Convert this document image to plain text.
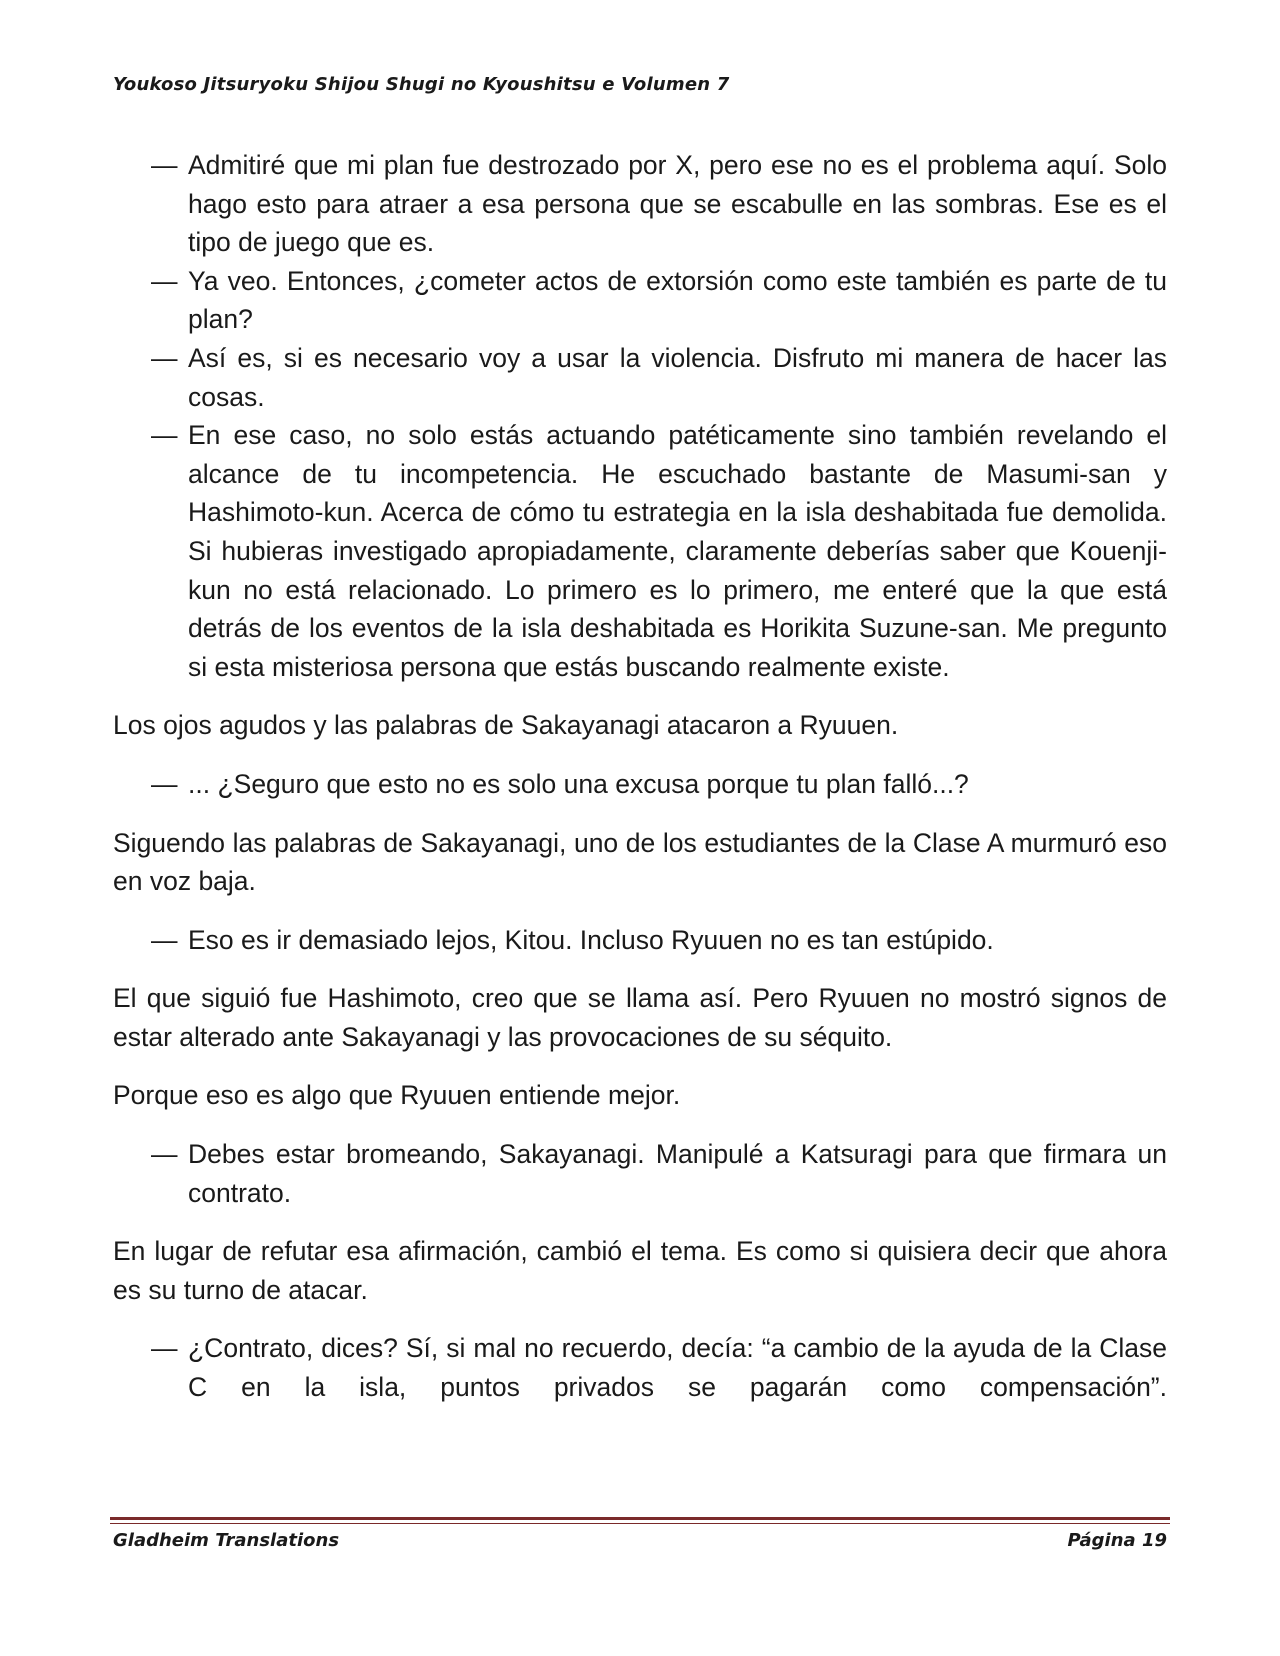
Youkoso Jitsuryoku Shijou Shugi no Kyoushitsu e Volumen 7
— Admitiré que mi plan fue destrozado por X, pero ese no es el problema aquí. Solo hago esto para atraer a esa persona que se escabulle en las sombras. Ese es el tipo de juego que es.
— Ya veo. Entonces, ¿cometer actos de extorsión como este también es parte de tu plan?
— Así es, si es necesario voy a usar la violencia. Disfruto mi manera de hacer las cosas.
— En ese caso, no solo estás actuando patéticamente sino también revelando el alcance de tu incompetencia. He escuchado bastante de Masumi-san y Hashimoto-kun. Acerca de cómo tu estrategia en la isla deshabitada fue demolida. Si hubieras investigado apropiadamente, claramente deberías saber que Kouenji-kun no está relacionado. Lo primero es lo primero, me enteré que la que está detrás de los eventos de la isla deshabitada es Horikita Suzune-san. Me pregunto si esta misteriosa persona que estás buscando realmente existe.

Los ojos agudos y las palabras de Sakayanagi atacaron a Ryuuen.

— ... ¿Seguro que esto no es solo una excusa porque tu plan falló...?

Siguendo las palabras de Sakayanagi, uno de los estudiantes de la Clase A murmuró eso en voz baja.

— Eso es ir demasiado lejos, Kitou. Incluso Ryuuen no es tan estúpido.

El que siguió fue Hashimoto, creo que se llama así. Pero Ryuuen no mostró signos de estar alterado ante Sakayanagi y las provocaciones de su séquito.

Porque eso es algo que Ryuuen entiende mejor.

— Debes estar bromeando, Sakayanagi. Manipulé a Katsuragi para que firmara un contrato.

En lugar de refutar esa afirmación, cambió el tema. Es como si quisiera decir que ahora es su turno de atacar.

— ¿Contrato, dices? Sí, si mal no recuerdo, decía: “a cambio de la ayuda de la Clase C en la isla, puntos privados se pagarán como compensación”.
Gladheim Translations	Página 19
